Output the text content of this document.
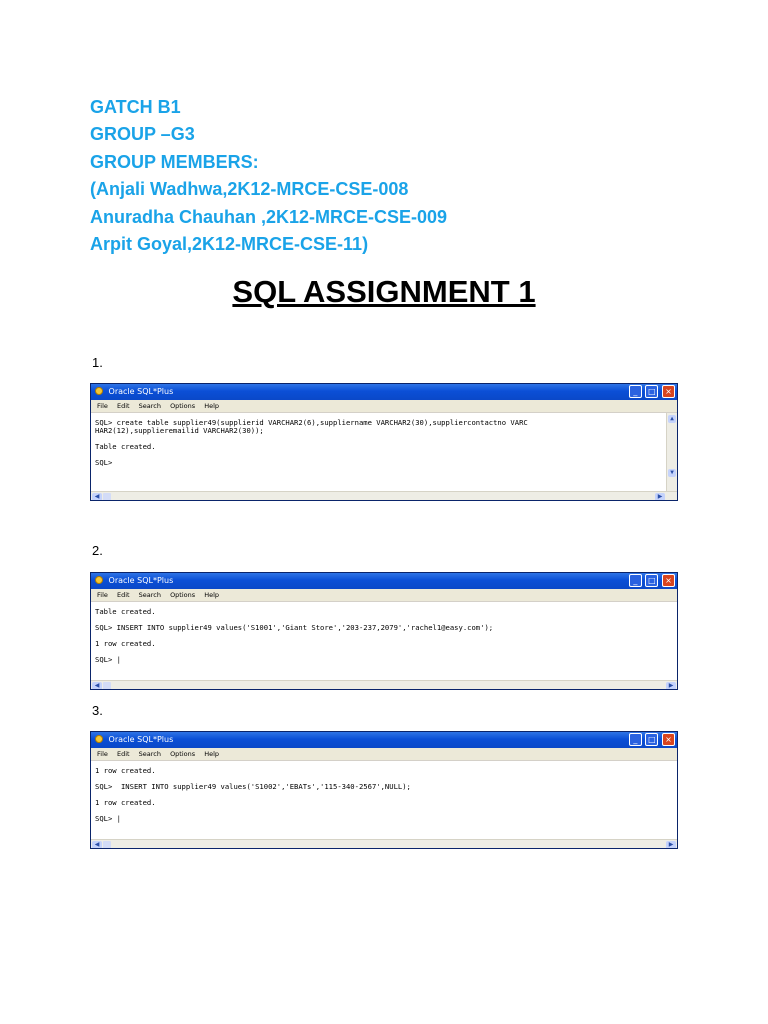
GATCH B1
GROUP –G3
GROUP MEMBERS:
(Anjali Wadhwa,2K12-MRCE-CSE-008
Anuradha Chauhan ,2K12-MRCE-CSE-009
Arpit Goyal,2K12-MRCE-CSE-11)
SQL ASSIGNMENT 1
1.
Oracle SQL*Plus	_ □ ×
File Edit Search Options Help
SQL> create table supplier49(supplierid VARCHAR2(6),suppliername VARCHAR2(30),suppliercontactno VARC
HAR2(12),supplieremailid VARCHAR2(30));

Table created.

SQL>
▲
▼
◀	▶
2.
Oracle SQL*Plus	_ □ ×
File Edit Search Options Help
Table created.

SQL> INSERT INTO supplier49 values('S1001','Giant Store','203-237,2079','rachel1@easy.com');

1 row created.

SQL> |
◀	▶
3.
Oracle SQL*Plus	_ □ ×
File Edit Search Options Help
1 row created.

SQL>  INSERT INTO supplier49 values('S1002','EBATs','115-340-2567',NULL);

1 row created.

SQL> |
◀	▶
